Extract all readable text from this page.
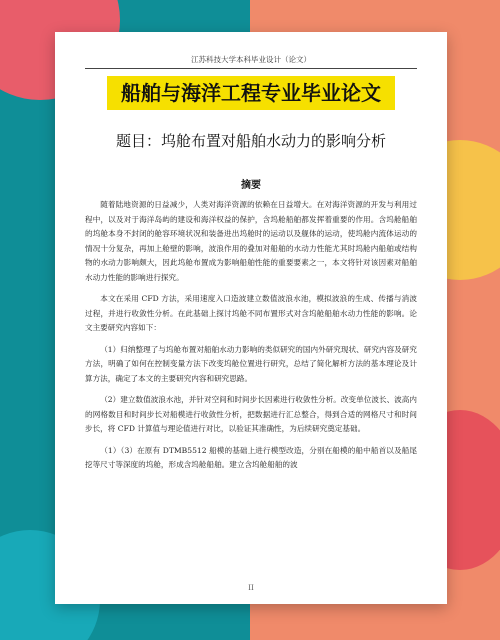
江苏科技大学本科毕业设计（论文）
船舶与海洋工程专业毕业论文
题目：坞舱布置对船舶水动力的影响分析
摘要

随着陆地资源的日益减少，人类对海洋资源的依赖在日益增大。在对海洋资源的开发与利用过程中，以及对于海洋岛屿的建设和海洋权益的保护，含坞舱船舶都发挥着重要的作用。含坞舱船舶的坞舱本身不封闭的舱容环境状况和装备进出坞舱时的运动以及舰体的运动，使坞舱内流体运动的情况十分复杂，再加上舱壁的影响，波浪作用的叠加对船舶的水动力性能尤其时坞舱内船舶或结构物的水动力影响颇大，因此坞舱布置成为影响船舶性能的重要要素之一，本文将针对该因素对船舶水动力性能的影响进行探究。

本文在采用 CFD 方法，采用速度入口造波建立数值波浪水池，模拟波浪的生成、传播与消波过程，并进行收敛性分析。在此基础上探讨坞舱不同布置形式对含坞舱船舶水动力性能的影响。论文主要研究内容如下：

（1）归纳整理了与坞舱布置对船舶水动力影响的类似研究的国内外研究现状、研究内容及研究方法，明确了如何在控制变量方法下改变坞舱位置进行研究，总结了简化解析方法的基本理论及计算方法，确定了本文的主要研究内容和研究思路。

（2）建立数值波浪水池，并针对空间和时间步长因素进行收敛性分析。改变单位波长、波高内的网格数目和时间步长对船模进行收敛性分析，把数据进行汇总整合，得到合适的网格尺寸和时间步长，将 CFD 计算值与理论值进行对比，以验证其准确性，为后续研究奠定基础。

（1）（3）在原有 DTMB5512 船模的基础上进行模型改造，分别在船模的船中船首以及船尾挖等尺寸等深度的坞舱，形成含坞舱船舶。建立含坞舱船舶的波

II
